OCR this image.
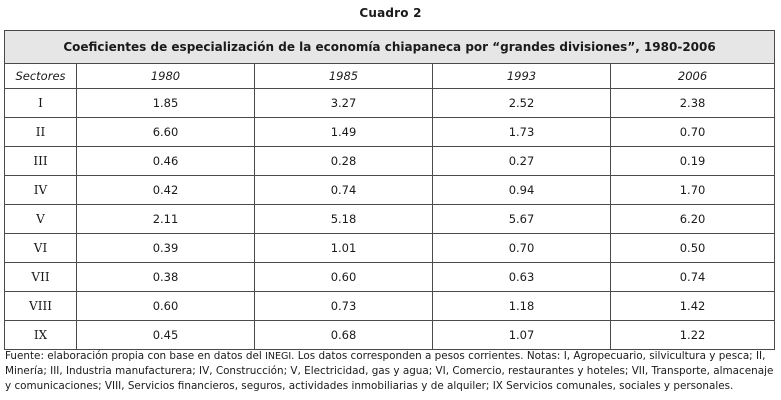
Cuadro 2
Coeficientes de especialización de la economía chiapaneca por “grandes divisiones”, 1980-2006				
Sectores	1980	1985	1993	2006
I	1.85	3.27	2.52	2.38
II	6.60	1.49	1.73	0.70
III	0.46	0.28	0.27	0.19
IV	0.42	0.74	0.94	1.70
V	2.11	5.18	5.67	6.20
VI	0.39	1.01	0.70	0.50
VII	0.38	0.60	0.63	0.74
VIII	0.60	0.73	1.18	1.42
IX	0.45	0.68	1.07	1.22
Fuente: elaboración propia con base en datos del INEGI. Los datos corresponden a pesos corrientes. Notas: I, Agropecuario, silvicultura y pesca; II, Minería; III, Industria manufacturera; IV, Construcción; V, Electricidad, gas y agua; VI, Comercio, restaurantes y hoteles; VII, Transporte, almacenaje y comunicaciones; VIII, Servicios financieros, seguros, actividades inmobiliarias y de alquiler; IX Servicios comunales, sociales y personales.
